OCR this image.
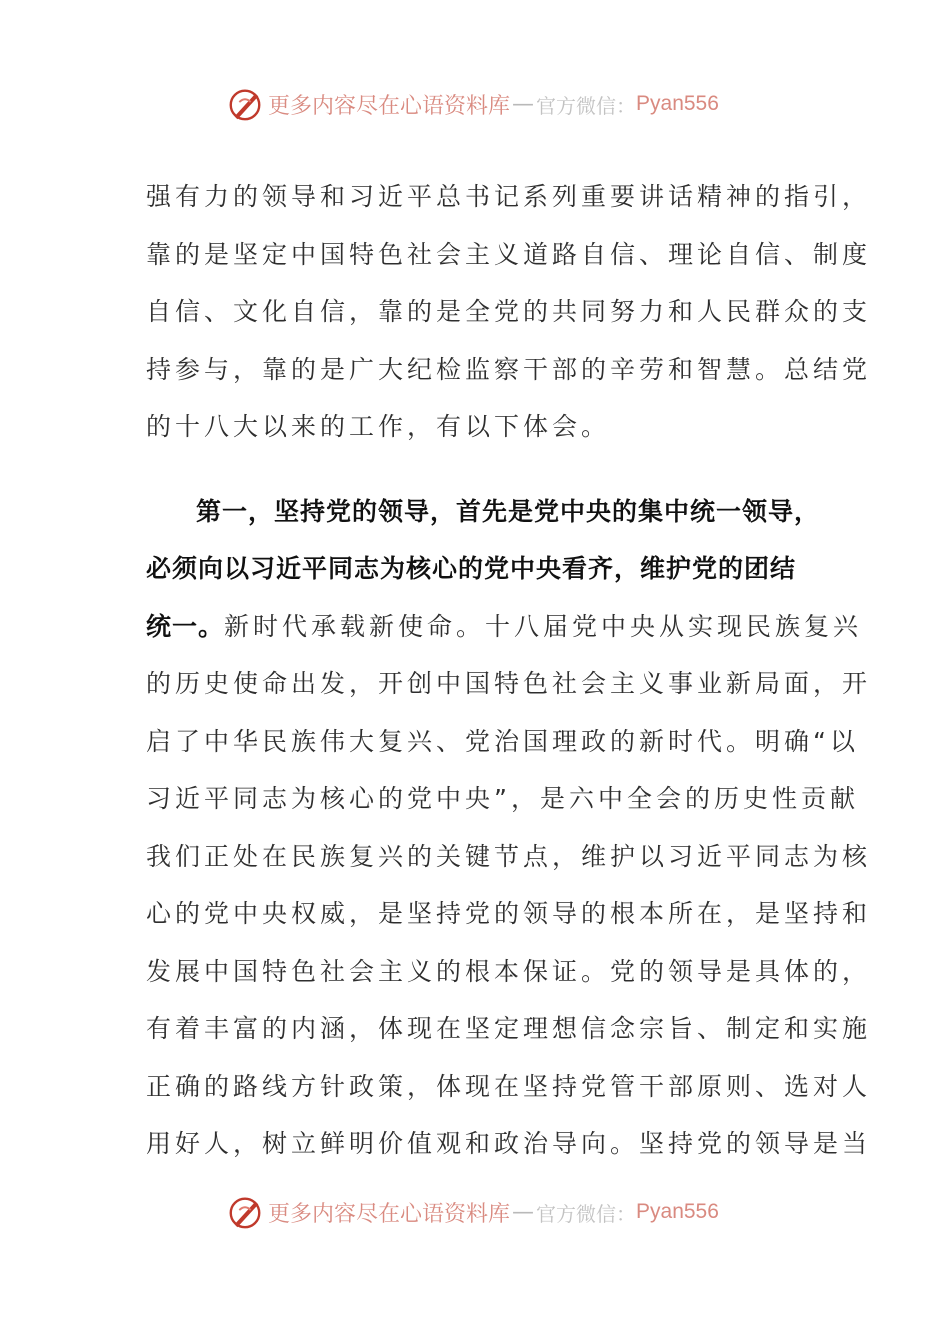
更多内容尽在心语资料库 — 官方微信： Pyan556
强有力的领导和习近平总书记系列重要讲话精神的指引，
靠的是坚定中国特色社会主义道路自信、理论自信、制度
自信、文化自信，靠的是全党的共同努力和人民群众的支
持参与，靠的是广大纪检监察干部的辛劳和智慧。总结党
的十八大以来的工作，有以下体会。
第一，坚持党的领导，首先是党中央的集中统一领导，
必须向以习近平同志为核心的党中央看齐，维护党的团结
统一。新时代承载新使命。十八届党中央从实现民族复兴
的历史使命出发，开创中国特色社会主义事业新局面，开
启了中华民族伟大复兴、党治国理政的新时代。明确“以
习近平同志为核心的党中央”，是六中全会的历史性贡献
我们正处在民族复兴的关键节点，维护以习近平同志为核
心的党中央权威，是坚持党的领导的根本所在，是坚持和
发展中国特色社会主义的根本保证。党的领导是具体的，
有着丰富的内涵，体现在坚定理想信念宗旨、制定和实施
正确的路线方针政策，体现在坚持党管干部原则、选对人
用好人，树立鲜明价值观和政治导向。坚持党的领导是当
更多内容尽在心语资料库 — 官方微信： Pyan556
